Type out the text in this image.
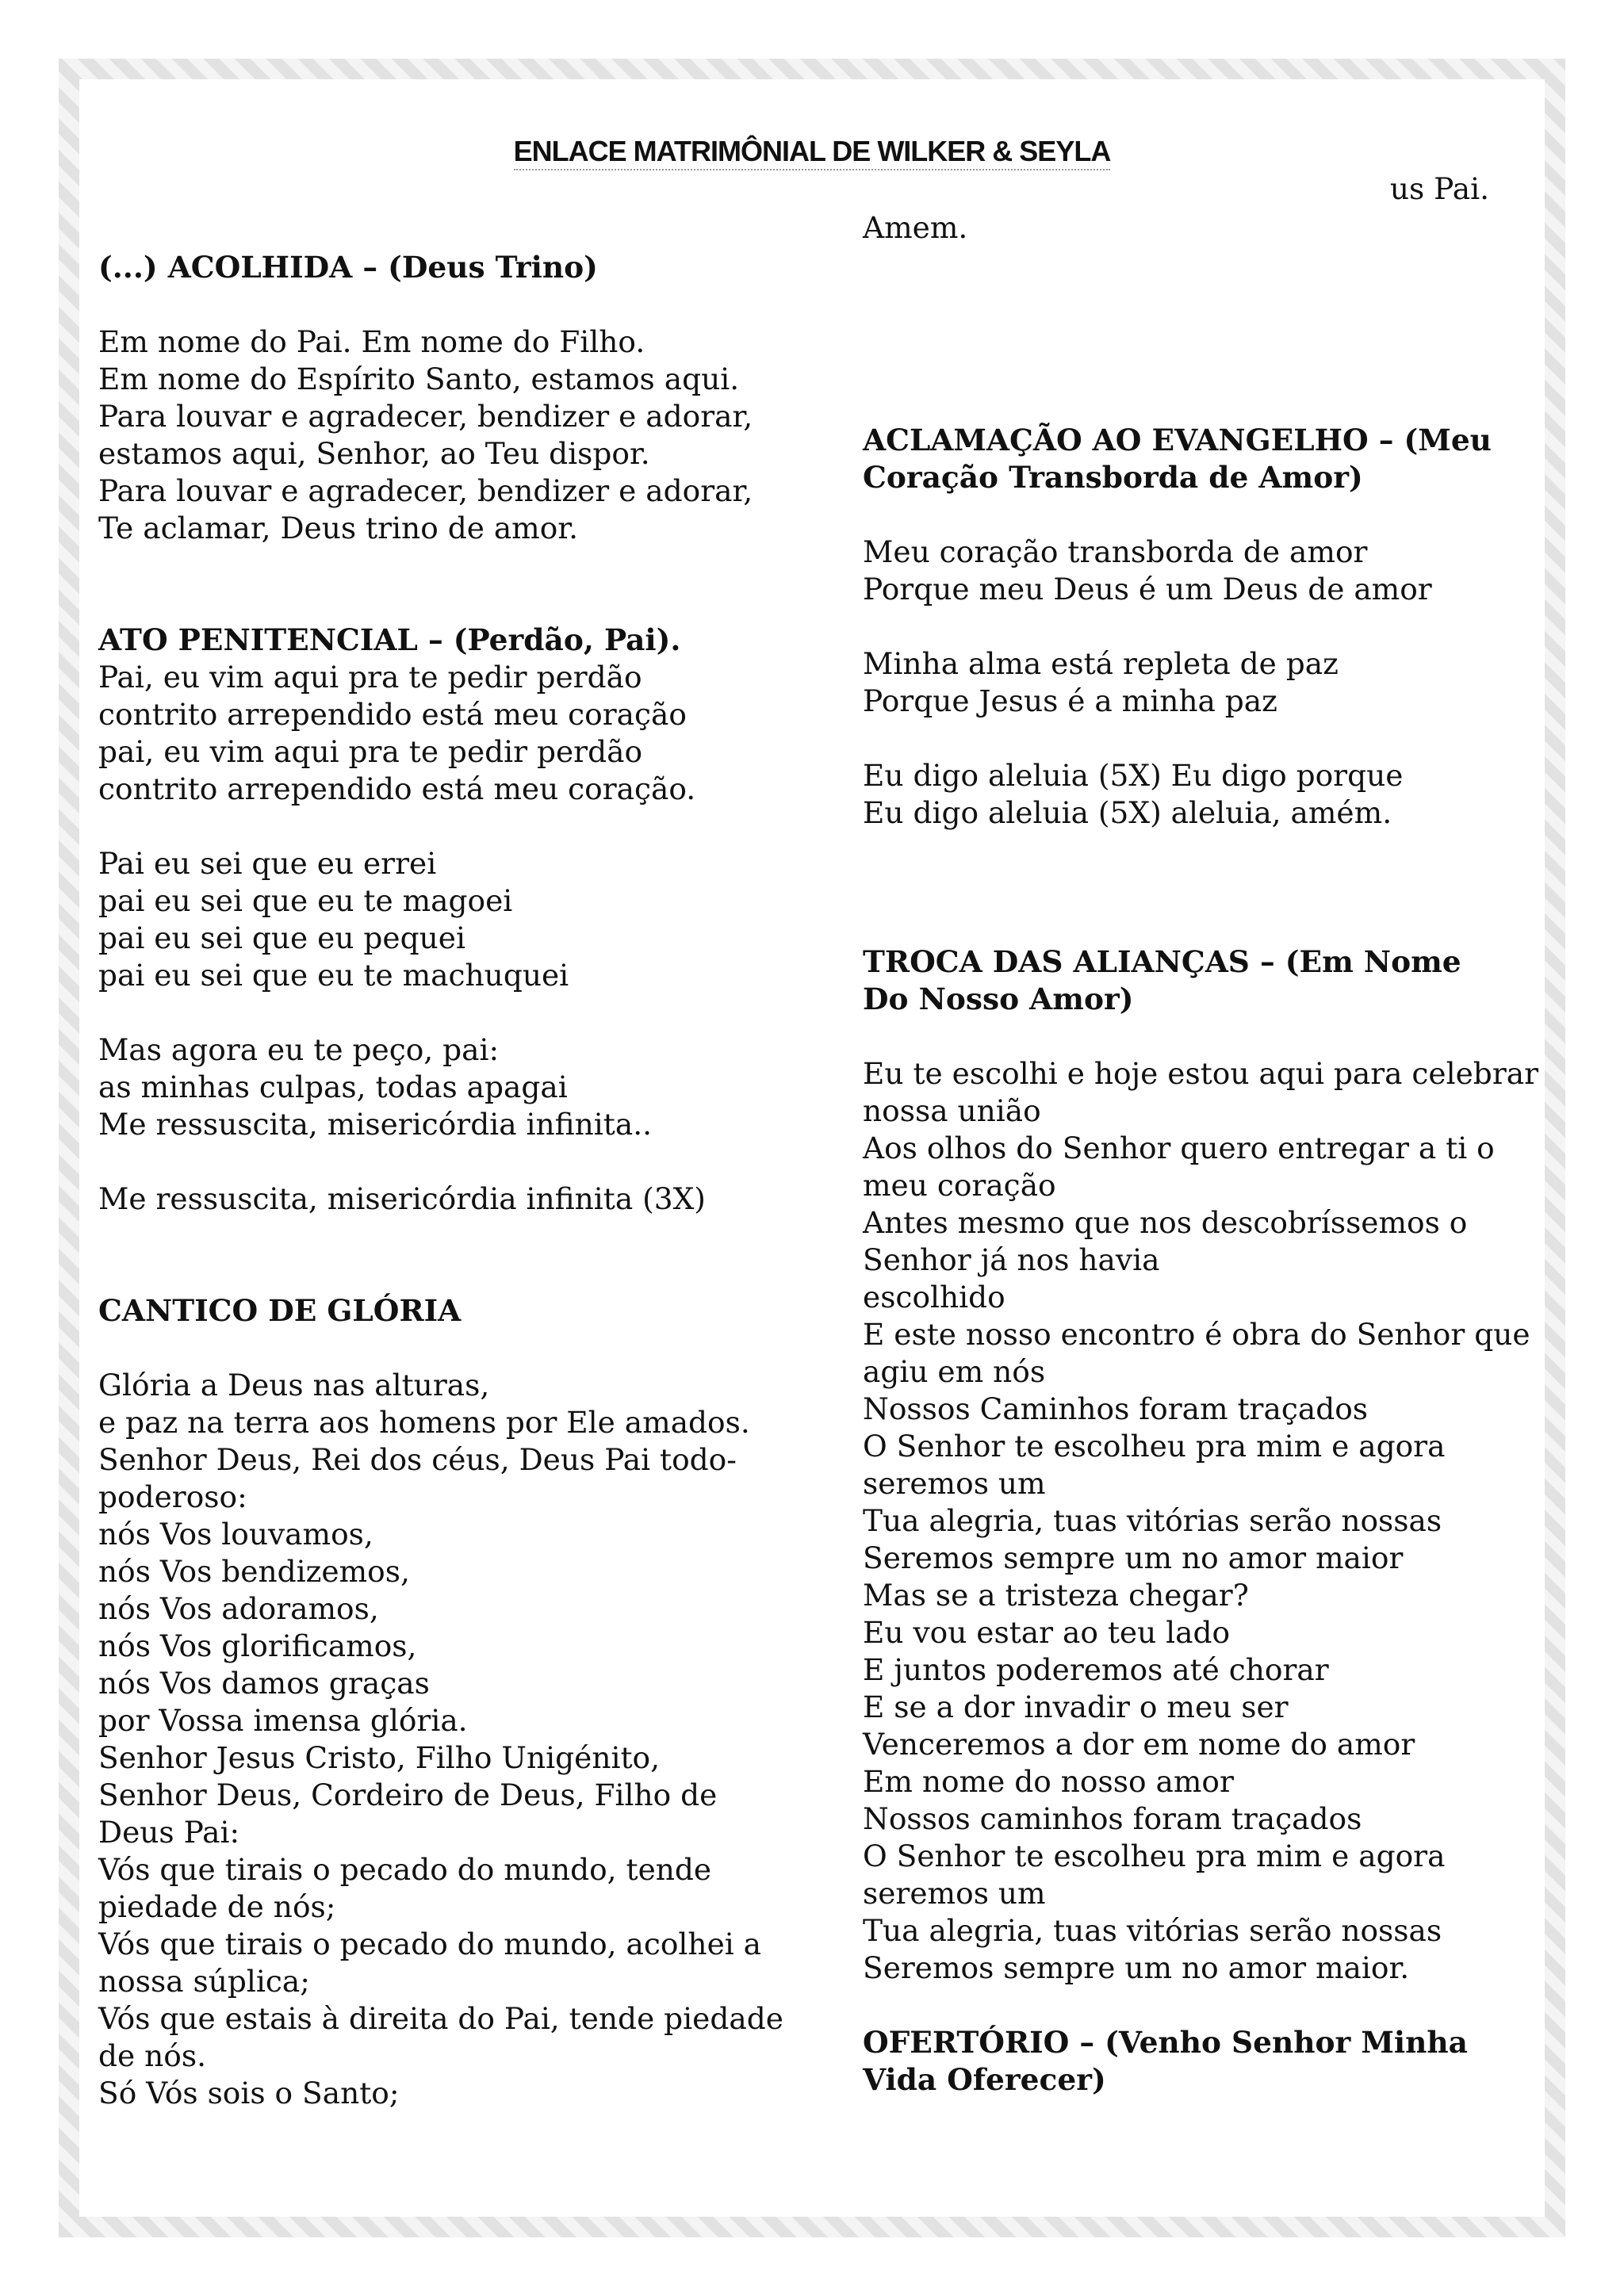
ENLACE MATRIMÔNIAL DE WILKER & SEYLA
us Pai.
Amem.
(...) ACOLHIDA – (Deus Trino)
Em nome do Pai. Em nome do Filho.
Em nome do Espírito Santo, estamos aqui.
Para louvar e agradecer, bendizer e adorar,
estamos aqui, Senhor, ao Teu dispor.
Para louvar e agradecer, bendizer e adorar,
Te aclamar, Deus trino de amor.
ATO PENITENCIAL – (Perdão, Pai).
Pai, eu vim aqui pra te pedir perdão
contrito arrependido está meu coração
pai, eu vim aqui pra te pedir perdão
contrito arrependido está meu coração.
Pai eu sei que eu errei
pai eu sei que eu te magoei
pai eu sei que eu pequei
pai eu sei que eu te machuquei
Mas agora eu te peço, pai:
as minhas culpas, todas apagai
Me ressuscita, misericórdia infinita..
Me ressuscita, misericórdia infinita (3X)
CANTICO DE GLÓRIA
Glória a Deus nas alturas,
e paz na terra aos homens por Ele amados.
Senhor Deus, Rei dos céus, Deus Pai todo-
poderoso:
nós Vos louvamos,
nós Vos bendizemos,
nós Vos adoramos,
nós Vos glorificamos,
nós Vos damos graças
por Vossa imensa glória.
Senhor Jesus Cristo, Filho Unigénito,
Senhor Deus, Cordeiro de Deus, Filho de
Deus Pai:
Vós que tirais o pecado do mundo, tende
piedade de nós;
Vós que tirais o pecado do mundo, acolhei a
nossa súplica;
Vós que estais à direita do Pai, tende piedade
de nós.
Só Vós sois o Santo;
ACLAMAÇÃO AO EVANGELHO – (Meu
Coração Transborda de Amor)
Meu coração transborda de amor
Porque meu Deus é um Deus de amor
Minha alma está repleta de paz
Porque Jesus é a minha paz
Eu digo aleluia (5X) Eu digo porque
Eu digo aleluia (5X) aleluia, amém.
TROCA DAS ALIANÇAS – (Em Nome
Do Nosso Amor)
Eu te escolhi e hoje estou aqui para celebrar
nossa união
Aos olhos do Senhor quero entregar a ti o
meu coração
Antes mesmo que nos descobríssemos o
Senhor já nos havia
escolhido
E este nosso encontro é obra do Senhor que
agiu em nós
Nossos Caminhos foram traçados
O Senhor te escolheu pra mim e agora
seremos um
Tua alegria, tuas vitórias serão nossas
Seremos sempre um no amor maior
Mas se a tristeza chegar?
Eu vou estar ao teu lado
E juntos poderemos até chorar
E se a dor invadir o meu ser
Venceremos a dor em nome do amor
Em nome do nosso amor
Nossos caminhos foram traçados
O Senhor te escolheu pra mim e agora
seremos um
Tua alegria, tuas vitórias serão nossas
Seremos sempre um no amor maior.
OFERTÓRIO – (Venho Senhor Minha
Vida Oferecer)
